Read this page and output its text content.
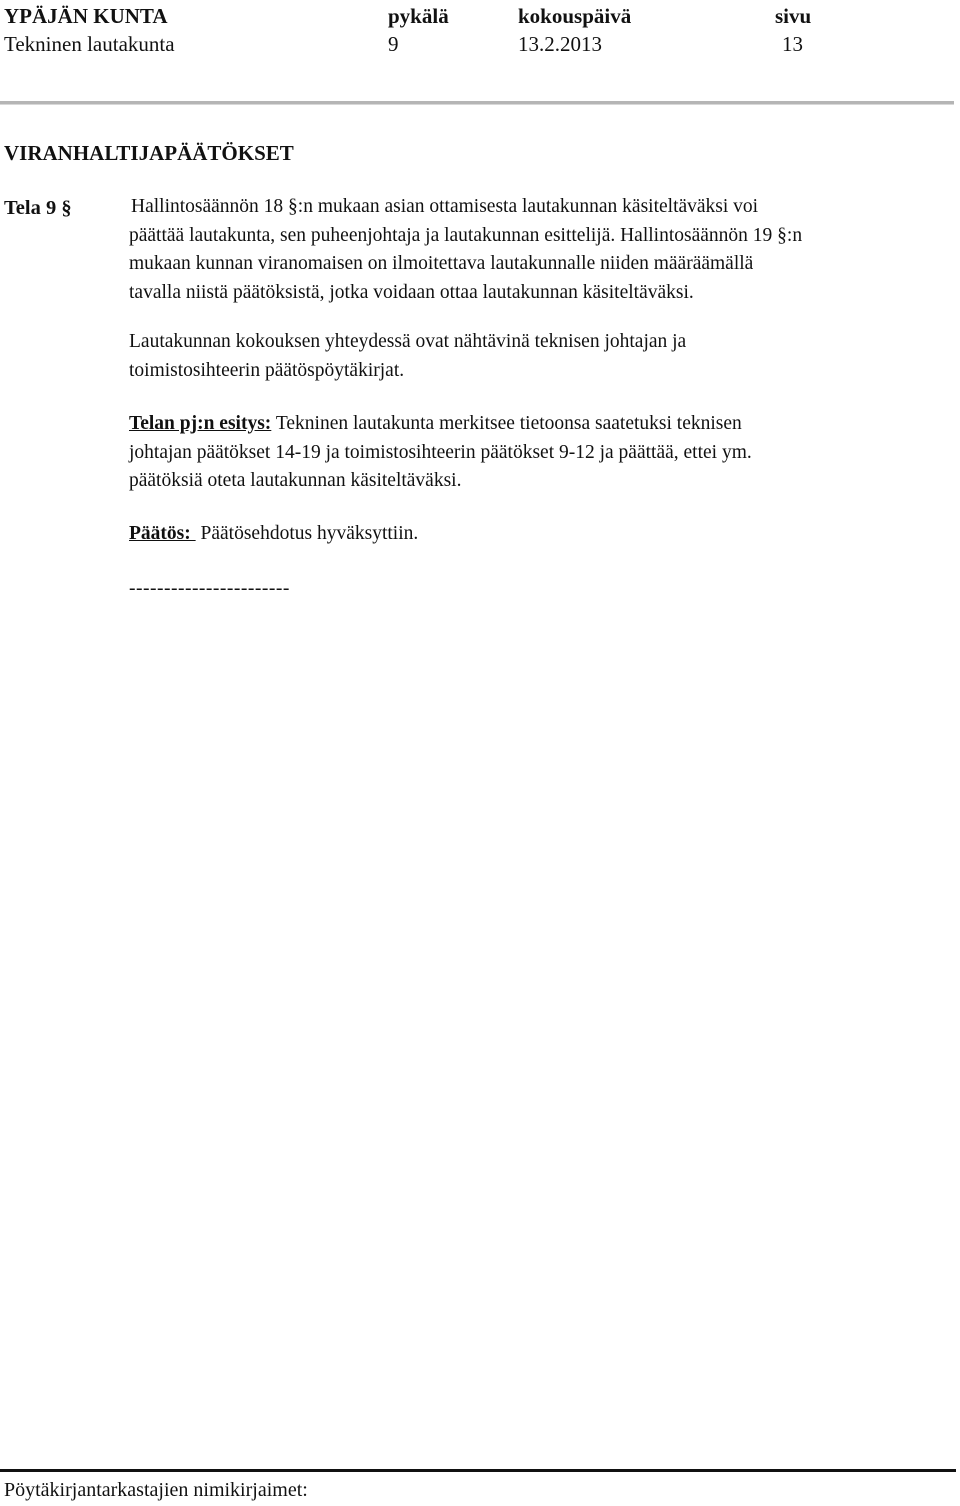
YPÄJÄN KUNTA	pykälä	kokouspäivä	sivu
Tekninen lautakunta	9	13.2.2013	13
VIRANHALTIJAPÄÄTÖKSET
Tela 9 §	Hallintosäännön 18 §:n mukaan asian ottamisesta lautakunnan käsiteltäväksi voi
päättää lautakunta, sen puheenjohtaja ja lautakunnan esittelijä. Hallintosäännön 19 §:n
mukaan kunnan viranomaisen on ilmoitettava lautakunnalle niiden määräämällä
tavalla niistä päätöksistä, jotka voidaan ottaa lautakunnan käsiteltäväksi.
Lautakunnan kokouksen yhteydessä ovat nähtävinä teknisen johtajan ja
toimistosihteerin päätöspöytäkirjat.
Telan pj:n esitys: Tekninen lautakunta merkitsee tietoonsa saatetuksi teknisen
johtajan päätökset 14-19 ja toimistosihteerin päätökset 9-12 ja päättää, ettei ym.
päätöksiä oteta lautakunnan käsiteltäväksi.
Päätös:  Päätösehdotus hyväksyttiin.
-----------------------
Pöytäkirjantarkastajien nimikirjaimet:
